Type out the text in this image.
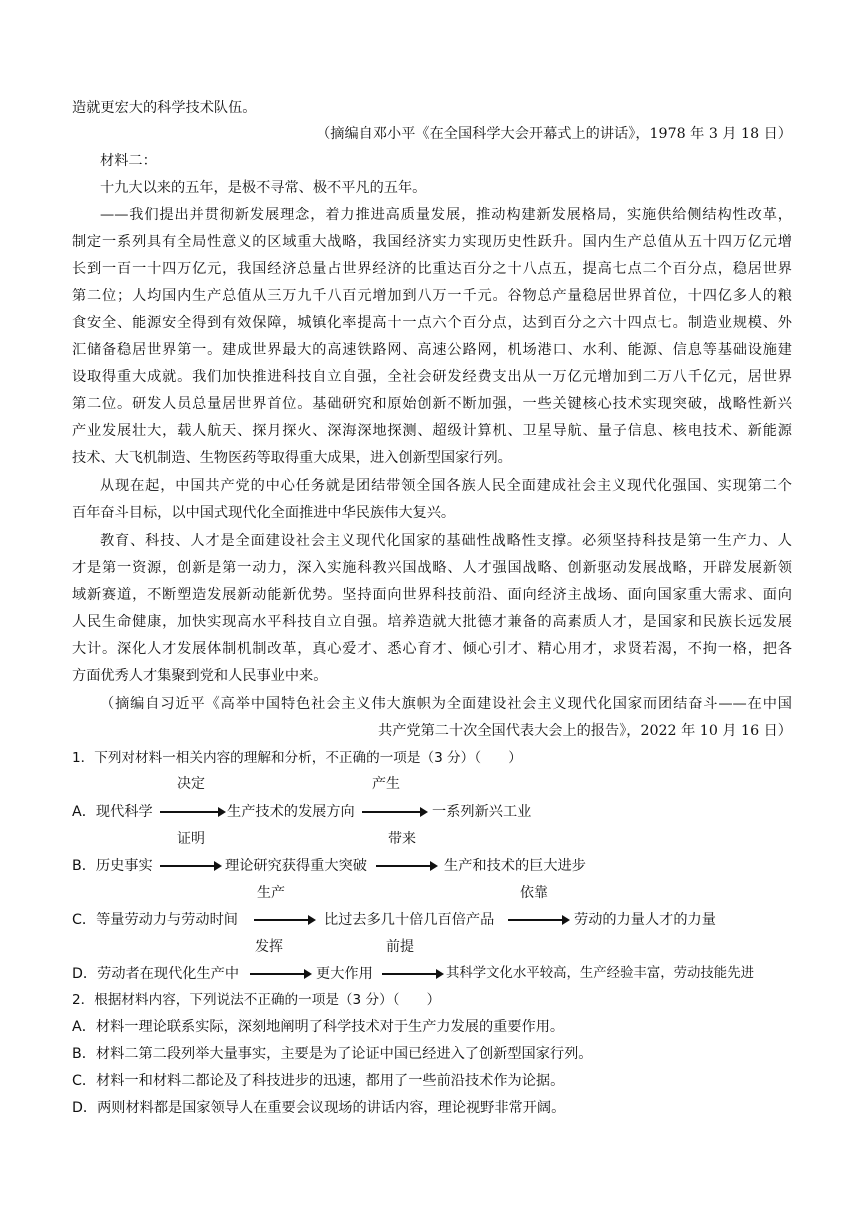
造就更宏大的科学技术队伍。
（摘编自邓小平《在全国科学大会开幕式上的讲话》，1978 年 3 月 18 日）
材料二：
十九大以来的五年，是极不寻常、极不平凡的五年。
——我们提出并贯彻新发展理念，着力推进高质量发展，推动构建新发展格局，实施供给侧结构性改革，
制定一系列具有全局性意义的区域重大战略，我国经济实力实现历史性跃升。国内生产总值从五十四万亿元增
长到一百一十四万亿元，我国经济总量占世界经济的比重达百分之十八点五，提高七点二个百分点，稳居世界
第二位；人均国内生产总值从三万九千八百元增加到八万一千元。谷物总产量稳居世界首位，十四亿多人的粮
食安全、能源安全得到有效保障，城镇化率提高十一点六个百分点，达到百分之六十四点七。制造业规模、外
汇储备稳居世界第一。建成世界最大的高速铁路网、高速公路网，机场港口、水利、能源、信息等基础设施建
设取得重大成就。我们加快推进科技自立自强，全社会研发经费支出从一万亿元增加到二万八千亿元，居世界
第二位。研发人员总量居世界首位。基础研究和原始创新不断加强，一些关键核心技术实现突破，战略性新兴
产业发展壮大，载人航天、探月探火、深海深地探测、超级计算机、卫星导航、量子信息、核电技术、新能源
技术、大飞机制造、生物医药等取得重大成果，进入创新型国家行列。
从现在起，中国共产党的中心任务就是团结带领全国各族人民全面建成社会主义现代化强国、实现第二个
百年奋斗目标，以中国式现代化全面推进中华民族伟大复兴。
教育、科技、人才是全面建设社会主义现代化国家的基础性战略性支撑。必须坚持科技是第一生产力、人
才是第一资源，创新是第一动力，深入实施科教兴国战略、人才强国战略、创新驱动发展战略，开辟发展新领
域新赛道，不断塑造发展新动能新优势。坚持面向世界科技前沿、面向经济主战场、面向国家重大需求、面向
人民生命健康，加快实现高水平科技自立自强。培养造就大批德才兼备的高素质人才，是国家和民族长远发展
大计。深化人才发展体制机制改革，真心爱才、悉心育才、倾心引才、精心用才，求贤若渴，不拘一格，把各
方面优秀人才集聚到党和人民事业中来。
（摘编自习近平《高举中国特色社会主义伟大旗帜为全面建设社会主义现代化国家而团结奋斗——在中国
共产党第二十次全国代表大会上的报告》，2022 年 10 月 16 日）
1．下列对材料一相关内容的理解和分析，不正确的一项是（3 分）（　　）
决定	产生
A．现代科学	生产技术的发展方向	一系列新兴工业
证明	带来
B．历史事实	理论研究获得重大突破	生产和技术的巨大进步
生产	依靠
C．等量劳动力与劳动时间	比过去多几十倍几百倍产品	劳动的力量人才的力量
发挥	前提
D．劳动者在现代化生产中	更大作用	其科学文化水平较高，生产经验丰富，劳动技能先进
2．根据材料内容，下列说法不正确的一项是（3 分）（　　）
A．材料一理论联系实际，深刻地阐明了科学技术对于生产力发展的重要作用。
B．材料二第二段列举大量事实，主要是为了论证中国已经进入了创新型国家行列。
C．材料一和材料二都论及了科技进步的迅速，都用了一些前沿技术作为论据。
D．两则材料都是国家领导人在重要会议现场的讲话内容，理论视野非常开阔。
